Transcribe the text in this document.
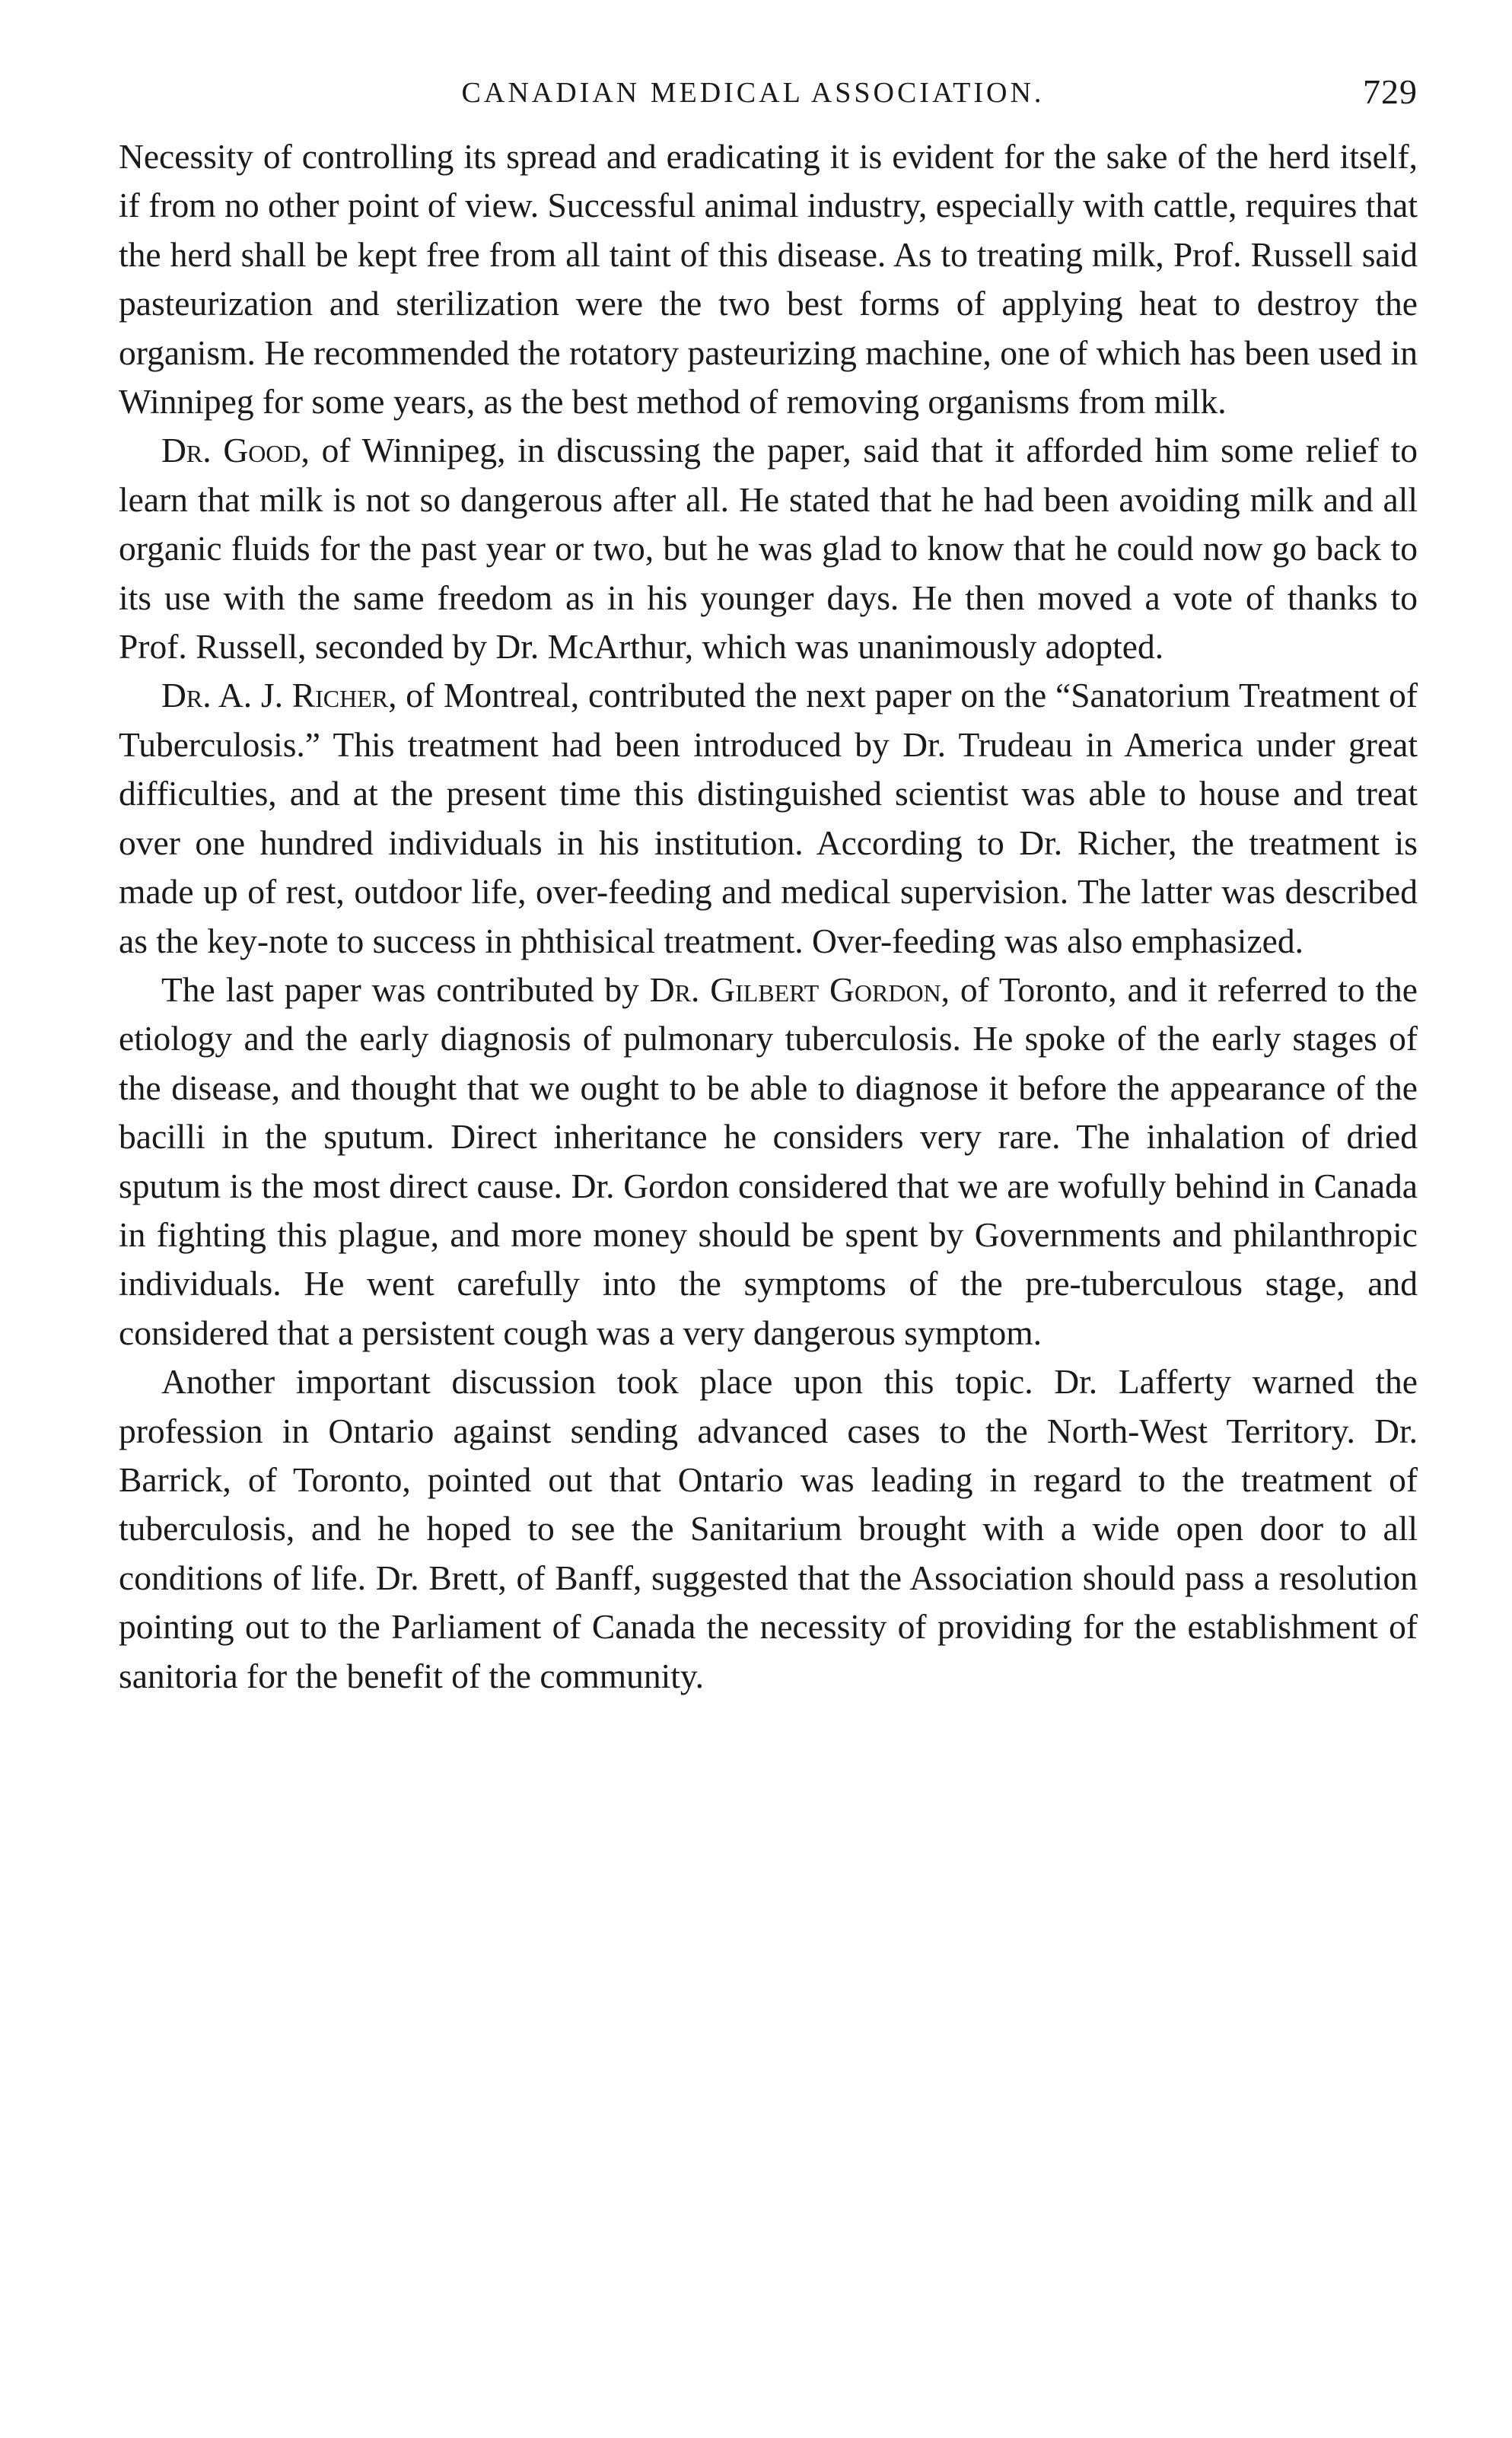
CANADIAN MEDICAL ASSOCIATION.	729

Necessity of controlling its spread and eradicating it is evident for the sake of the herd itself, if from no other point of view. Successful animal industry, especially with cattle, requires that the herd shall be kept free from all taint of this disease. As to treating milk, Prof. Russell said pasteurization and sterilization were the two best forms of applying heat to destroy the organism. He recommended the rotatory pasteurizing machine, one of which has been used in Winnipeg for some years, as the best method of removing organisms from milk.

Dr. Good, of Winnipeg, in discussing the paper, said that it afforded him some relief to learn that milk is not so dangerous after all. He stated that he had been avoiding milk and all organic fluids for the past year or two, but he was glad to know that he could now go back to its use with the same freedom as in his younger days. He then moved a vote of thanks to Prof. Russell, seconded by Dr. McArthur, which was unanimously adopted.

Dr. A. J. Richer, of Montreal, contributed the next paper on the “Sanatorium Treatment of Tuberculosis.” This treatment had been introduced by Dr. Trudeau in America under great difficulties, and at the present time this distinguished scientist was able to house and treat over one hundred individuals in his institution. According to Dr. Richer, the treatment is made up of rest, outdoor life, over-feeding and medical supervision. The latter was described as the key-note to success in phthisical treatment. Over-feeding was also emphasized.

The last paper was contributed by Dr. Gilbert Gordon, of Toronto, and it referred to the etiology and the early diagnosis of pulmonary tuberculosis. He spoke of the early stages of the disease, and thought that we ought to be able to diagnose it before the appearance of the bacilli in the sputum. Direct inheritance he considers very rare. The inhalation of dried sputum is the most direct cause. Dr. Gordon considered that we are wofully behind in Canada in fighting this plague, and more money should be spent by Governments and philanthropic individuals. He went carefully into the symptoms of the pre-tuberculous stage, and considered that a persistent cough was a very dangerous symptom.

Another important discussion took place upon this topic. Dr. Lafferty warned the profession in Ontario against sending advanced cases to the North-West Territory. Dr. Barrick, of Toronto, pointed out that Ontario was leading in regard to the treatment of tuberculosis, and he hoped to see the Sanitarium brought with a wide open door to all conditions of life. Dr. Brett, of Banff, suggested that the Association should pass a resolution pointing out to the Parliament of Canada the necessity of providing for the establishment of sanitoria for the benefit of the community.
